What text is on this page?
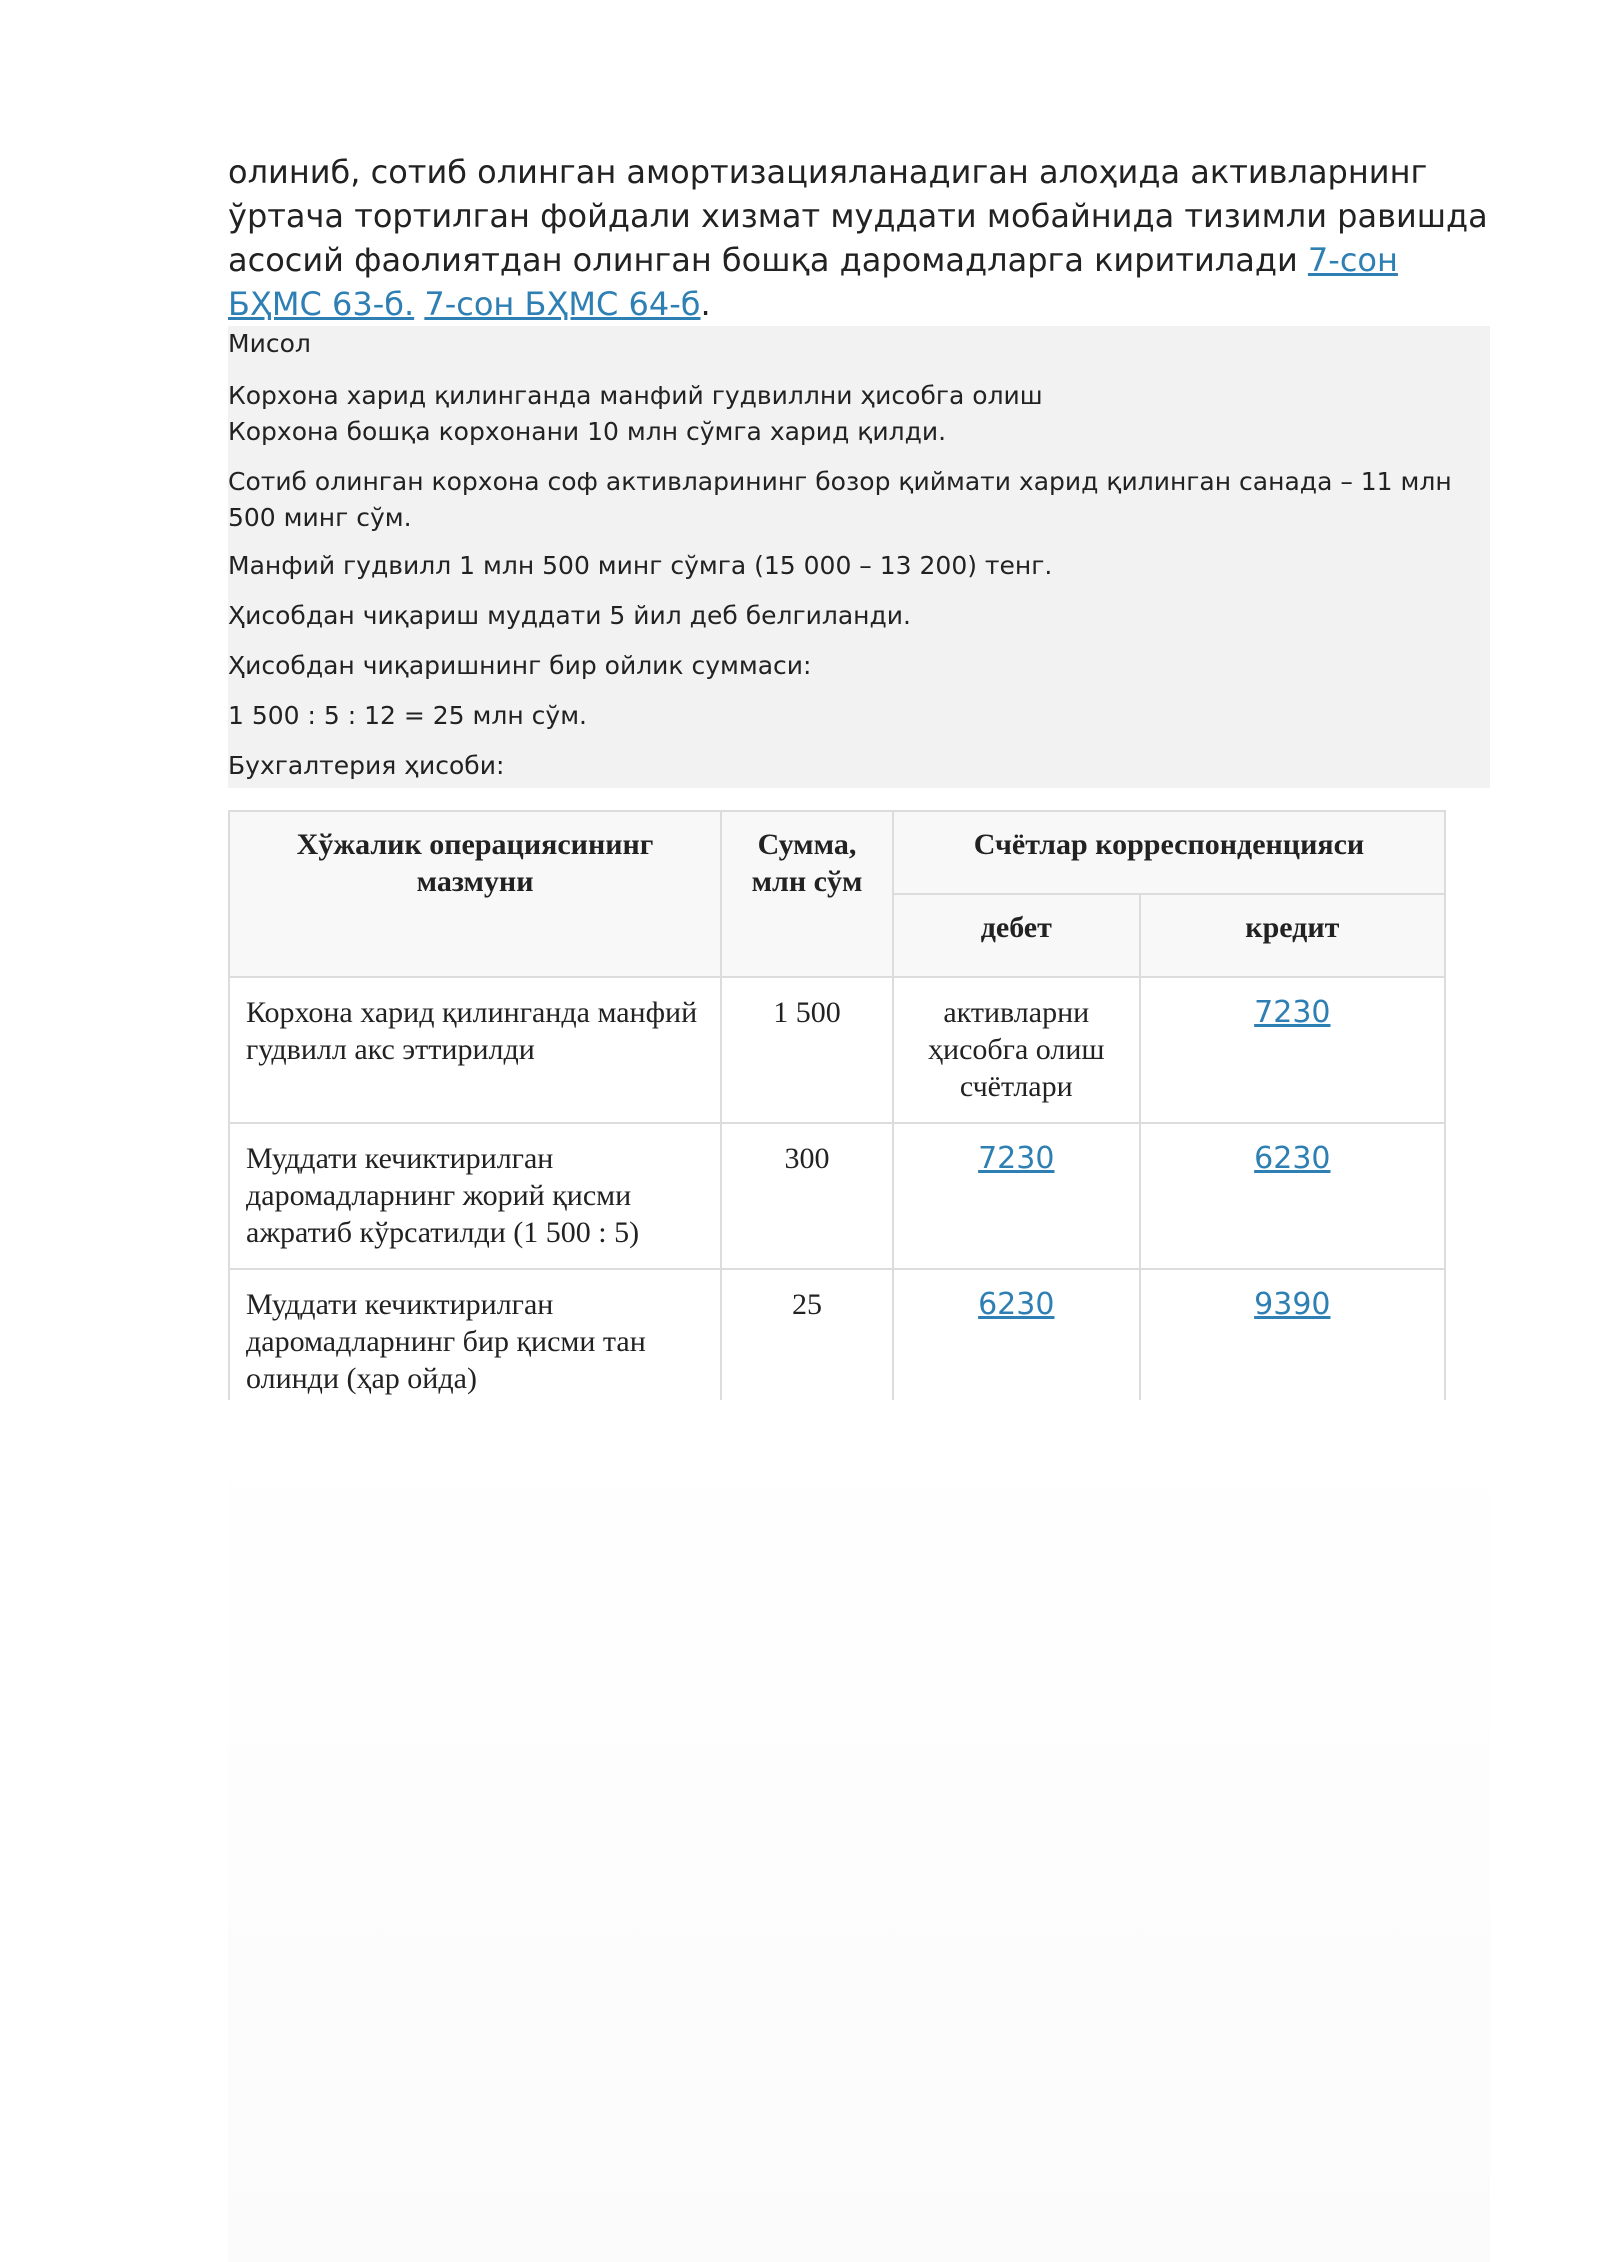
олиниб, сотиб олинган амортизацияланадиган алоҳида активларнинг ўртача тортилган фойдали хизмат муддати мобайнида тизимли равишда асосий фаолиятдан олинган бошқа даромадларга киритилади 7-сон БҲМС 63-б. 7-сон БҲМС 64-б.
Мисол
Корхона харид қилинганда манфий гудвиллни ҳисобга олиш
Корхона бошқа корхонани 10 млн сўмга харид қилди.
Сотиб олинган корхона соф активларининг бозор қиймати харид қилинган санада – 11 млн 500 минг сўм.
Манфий гудвилл 1 млн 500 минг сўмга (15 000 – 13 200) тенг.
Ҳисобдан чиқариш муддати 5 йил деб белгиланди.
Ҳисобдан чиқаришнинг бир ойлик суммаси:
1 500 : 5 : 12 = 25 млн сўм.
Бухгалтерия ҳисоби:
Хўжалик операциясининг мазмуни	Сумма, млн сўм	Счётлар корреспонденцияси	
		дебет	кредит
Корхона харид қилинганда манфий гудвилл акс эттирилди	1 500	активларни ҳисобга олиш счётлари	7230
Муддати кечиктирилган даромадларнинг жорий қисми ажратиб кўрсатилди (1 500 : 5)	300	7230	6230
Муддати кечиктирилган даромадларнинг бир қисми тан олинди (ҳар ойда)	25	6230	9390
